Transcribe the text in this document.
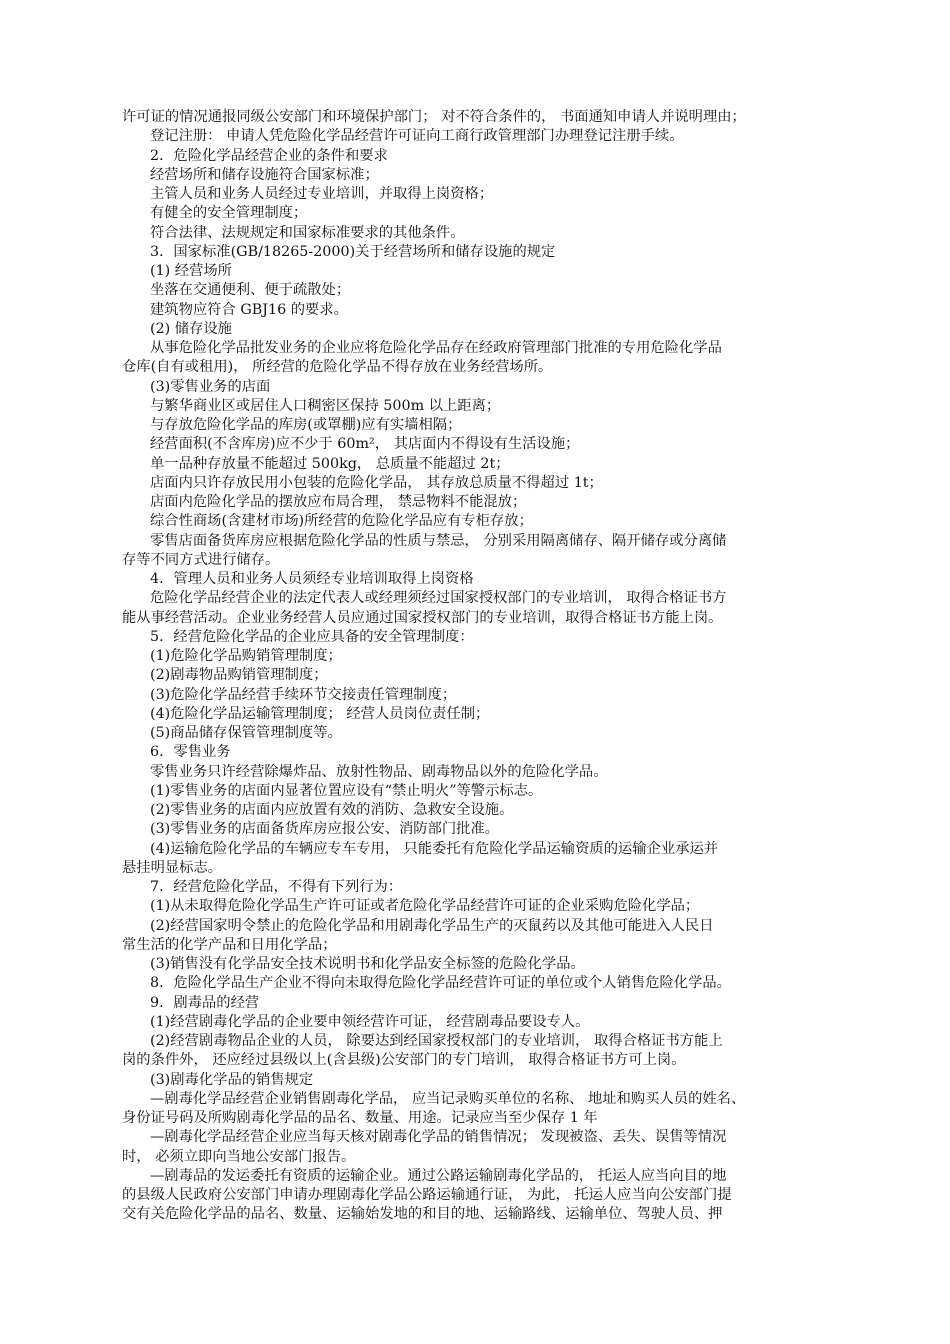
许可证的情况通报同级公安部门和环境保护部门； 对不符合条件的， 书面通知申请人并说明理由；
登记注册： 申请人凭危险化学品经营许可证向工商行政管理部门办理登记注册手续。
2．危险化学品经营企业的条件和要求
经营场所和储存设施符合国家标准；
主管人员和业务人员经过专业培训，并取得上岗资格；
有健全的安全管理制度；
符合法律、法规规定和国家标准要求的其他条件。
3．国家标准(GB/18265-2000)关于经营场所和储存设施的规定
(1) 经营场所
坐落在交通便利、便于疏散处；
建筑物应符合 GBJ16 的要求。
(2) 储存设施
从事危险化学品批发业务的企业应将危险化学品存在经政府管理部门批准的专用危险化学品
仓库(自有或租用)， 所经营的危险化学品不得存放在业务经营场所。
(3)零售业务的店面
与繁华商业区或居住人口稠密区保持 500m 以上距离；
与存放危险化学品的库房(或罩棚)应有实墙相隔；
经营面积(不含库房)应不少于 60m²， 其店面内不得设有生活设施；
单一品种存放量不能超过 500kg， 总质量不能超过 2t；
店面内只许存放民用小包装的危险化学品， 其存放总质量不得超过 1t；
店面内危险化学品的摆放应布局合理， 禁忌物料不能混放；
综合性商场(含建材市场)所经营的危险化学品应有专柜存放；
零售店面备货库房应根据危险化学品的性质与禁忌， 分别采用隔离储存、隔开储存或分离储
存等不同方式进行储存。
4．管理人员和业务人员须经专业培训取得上岗资格
危险化学品经营企业的法定代表人或经理须经过国家授权部门的专业培训， 取得合格证书方
能从事经营活动。企业业务经营人员应通过国家授权部门的专业培训，取得合格证书方能上岗。
5．经营危险化学品的企业应具备的安全管理制度：
(1)危险化学品购销管理制度；
(2)剧毒物品购销管理制度；
(3)危险化学品经营手续环节交接责任管理制度；
(4)危险化学品运输管理制度； 经营人员岗位责任制；
(5)商品储存保管管理制度等。
6．零售业务
零售业务只许经营除爆炸品、放射性物品、剧毒物品以外的危险化学品。
(1)零售业务的店面内显著位置应设有“禁止明火”等警示标志。
(2)零售业务的店面内应放置有效的消防、急救安全设施。
(3)零售业务的店面备货库房应报公安、消防部门批准。
(4)运输危险化学品的车辆应专车专用， 只能委托有危险化学品运输资质的运输企业承运并
悬挂明显标志。
7．经营危险化学品，不得有下列行为：
(1)从未取得危险化学品生产许可证或者危险化学品经营许可证的企业采购危险化学品；
(2)经营国家明令禁止的危险化学品和用剧毒化学品生产的灭鼠药以及其他可能进入人民日
常生活的化学产品和日用化学品；
(3)销售没有化学品安全技术说明书和化学品安全标签的危险化学品。
8．危险化学品生产企业不得向未取得危险化学品经营许可证的单位或个人销售危险化学品。
9．剧毒品的经营
(1)经营剧毒化学品的企业要申领经营许可证， 经营剧毒品要设专人。
(2)经营剧毒物品企业的人员， 除要达到经国家授权部门的专业培训， 取得合格证书方能上
岗的条件外， 还应经过县级以上(含县级)公安部门的专门培训， 取得合格证书方可上岗。
(3)剧毒化学品的销售规定
—剧毒化学品经营企业销售剧毒化学品， 应当记录购买单位的名称、 地址和购买人员的姓名、
身份证号码及所购剧毒化学品的品名、数量、用途。记录应当至少保存 1 年
—剧毒化学品经营企业应当每天核对剧毒化学品的销售情况； 发现被盗、丢失、误售等情况
时， 必须立即向当地公安部门报告。
—剧毒品的发运委托有资质的运输企业。通过公路运输剧毒化学品的， 托运人应当向目的地
的县级人民政府公安部门申请办理剧毒化学品公路运输通行证， 为此， 托运人应当向公安部门提
交有关危险化学品的品名、数量、运输始发地的和目的地、运输路线、运输单位、驾驶人员、押
